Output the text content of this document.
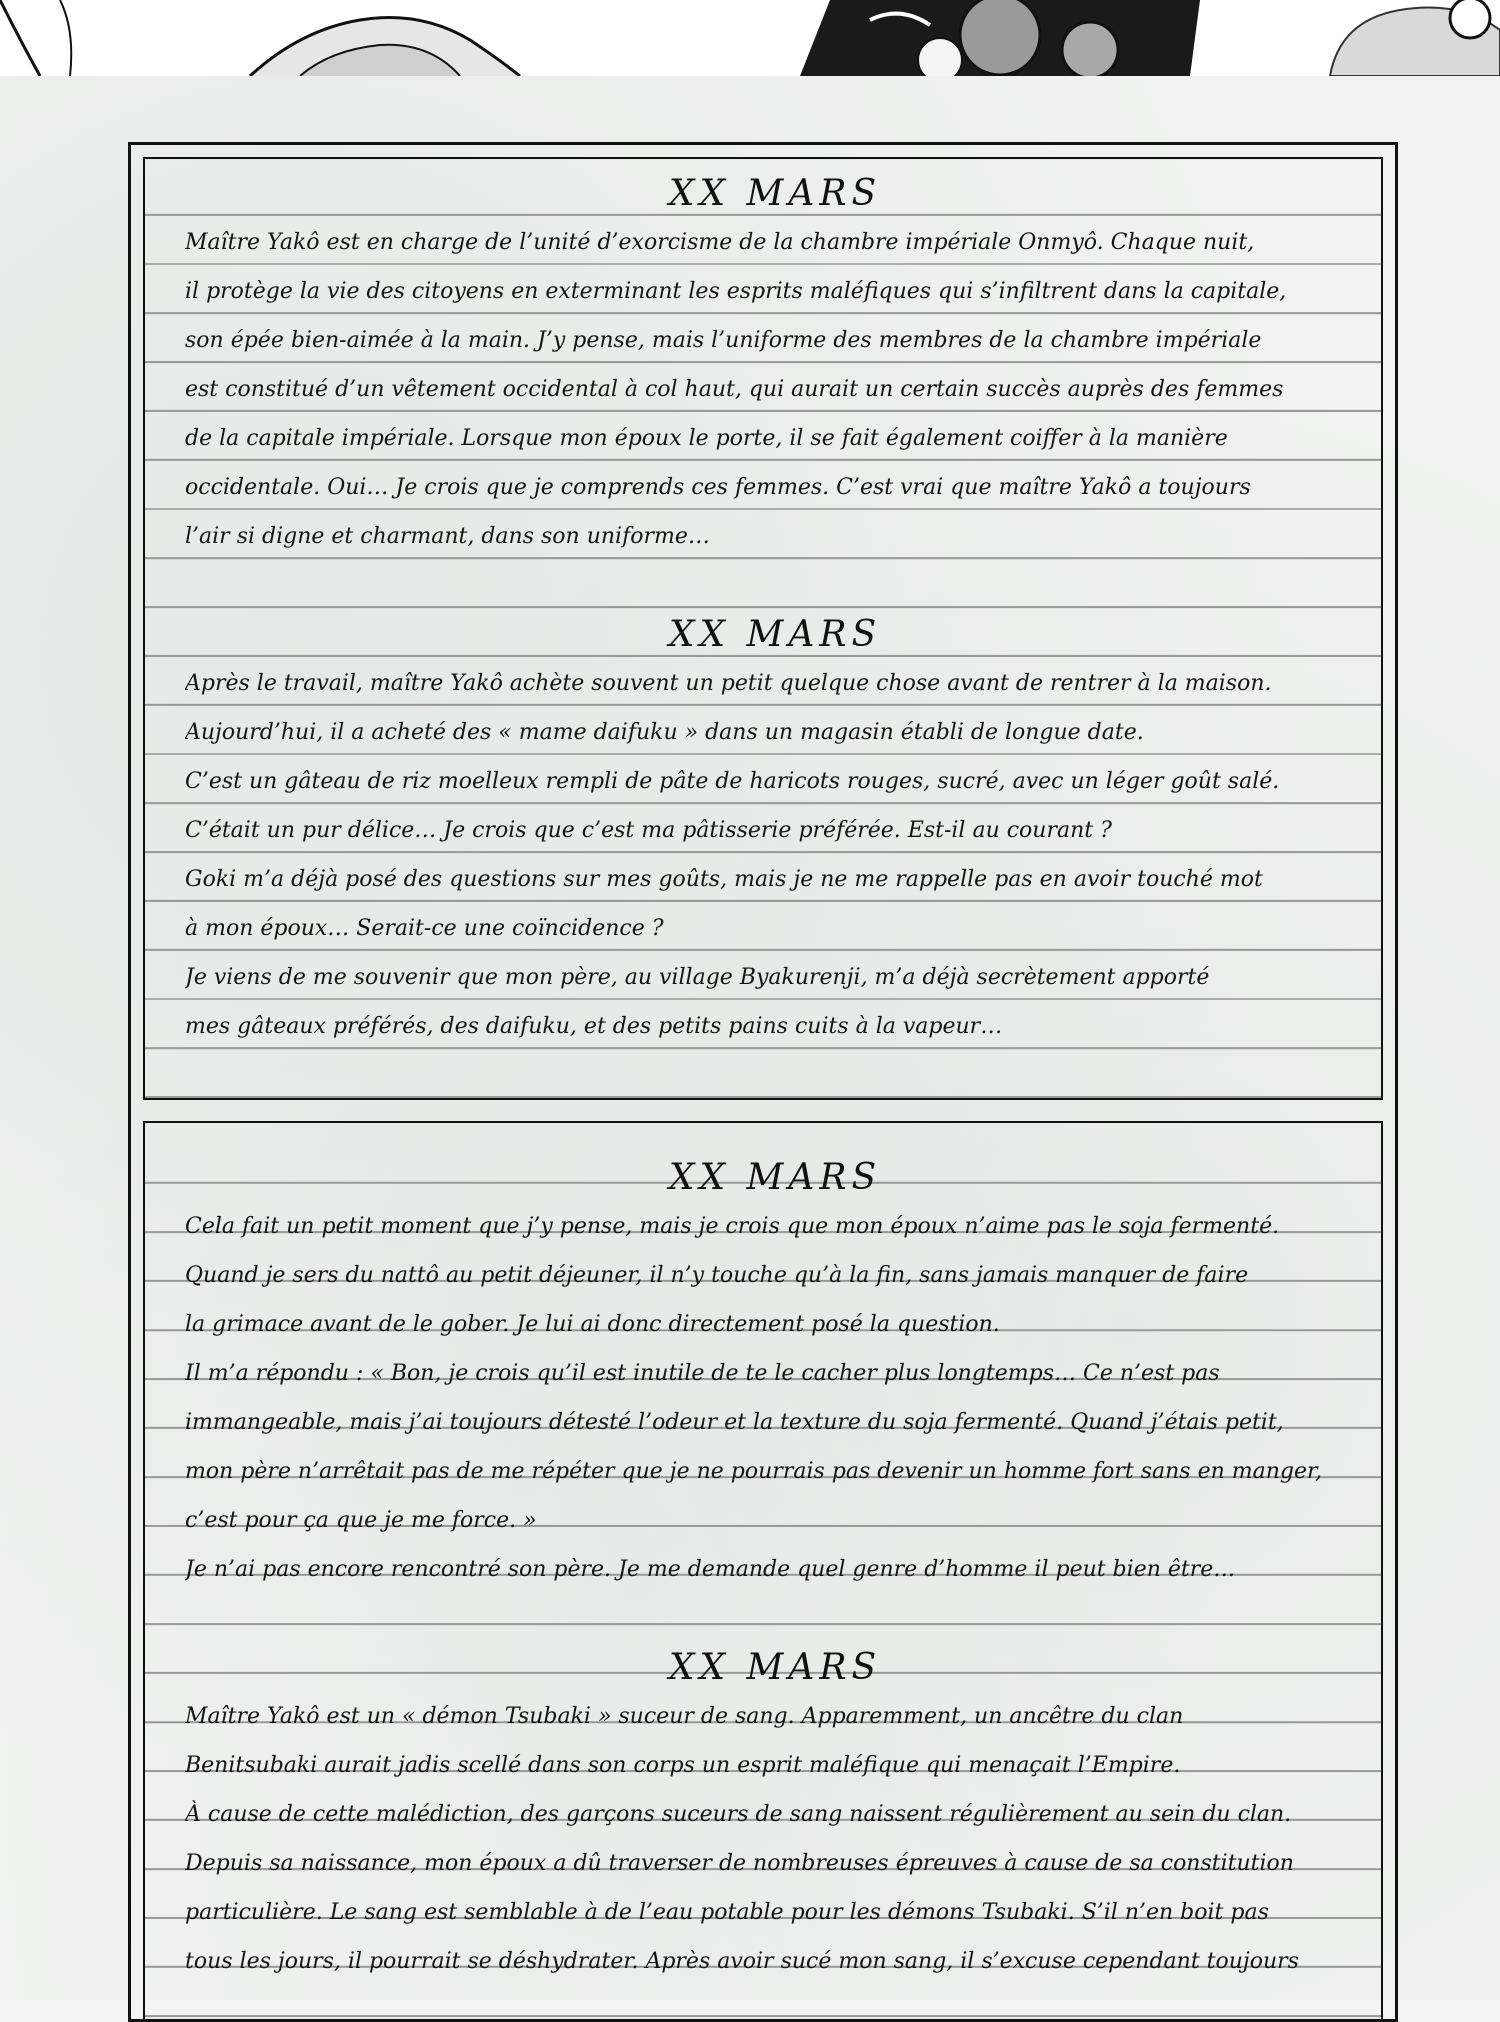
XX MARS
Maître Yakô est en charge de l’unité d’exorcisme de la chambre impériale Onmyô. Chaque nuit,
il protège la vie des citoyens en exterminant les esprits maléfiques qui s’infiltrent dans la capitale,
son épée bien-aimée à la main. J’y pense, mais l’uniforme des membres de la chambre impériale
est constitué d’un vêtement occidental à col haut, qui aurait un certain succès auprès des femmes
de la capitale impériale. Lorsque mon époux le porte, il se fait également coiffer à la manière
occidentale. Oui… Je crois que je comprends ces femmes. C’est vrai que maître Yakô a toujours
l’air si digne et charmant, dans son uniforme…
XX MARS
Après le travail, maître Yakô achète souvent un petit quelque chose avant de rentrer à la maison.
Aujourd’hui, il a acheté des « mame daifuku » dans un magasin établi de longue date.
C’est un gâteau de riz moelleux rempli de pâte de haricots rouges, sucré, avec un léger goût salé.
C’était un pur délice… Je crois que c’est ma pâtisserie préférée. Est-il au courant ?
Goki m’a déjà posé des questions sur mes goûts, mais je ne me rappelle pas en avoir touché mot
à mon époux… Serait-ce une coïncidence ?
Je viens de me souvenir que mon père, au village Byakurenji, m’a déjà secrètement apporté
mes gâteaux préférés, des daifuku, et des petits pains cuits à la vapeur…
XX MARS
Cela fait un petit moment que j’y pense, mais je crois que mon époux n’aime pas le soja fermenté.
Quand je sers du nattô au petit déjeuner, il n’y touche qu’à la fin, sans jamais manquer de faire
la grimace avant de le gober. Je lui ai donc directement posé la question.
Il m’a répondu : « Bon, je crois qu’il est inutile de te le cacher plus longtemps… Ce n’est pas
immangeable, mais j’ai toujours détesté l’odeur et la texture du soja fermenté. Quand j’étais petit,
mon père n’arrêtait pas de me répéter que je ne pourrais pas devenir un homme fort sans en manger,
c’est pour ça que je me force. »
Je n’ai pas encore rencontré son père. Je me demande quel genre d’homme il peut bien être…
XX MARS
Maître Yakô est un « démon Tsubaki » suceur de sang. Apparemment, un ancêtre du clan
Benitsubaki aurait jadis scellé dans son corps un esprit maléfique qui menaçait l’Empire.
À cause de cette malédiction, des garçons suceurs de sang naissent régulièrement au sein du clan.
Depuis sa naissance, mon époux a dû traverser de nombreuses épreuves à cause de sa constitution
particulière. Le sang est semblable à de l’eau potable pour les démons Tsubaki. S’il n’en boit pas
tous les jours, il pourrait se déshydrater. Après avoir sucé mon sang, il s’excuse cependant toujours
